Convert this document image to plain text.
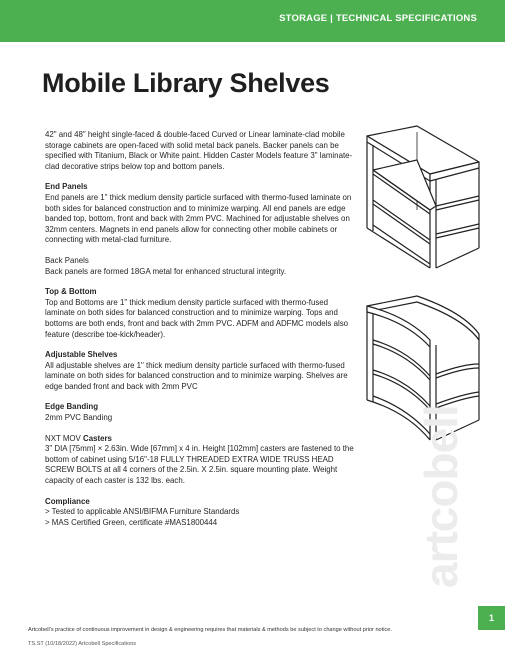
STORAGE | TECHNICAL SPECIFICATIONS
Mobile Library Shelves

42" and 48" height single-faced & double-faced Curved or Linear laminate-clad mobile storage cabinets are open-faced with solid metal back panels. Backer panels can be specified with Titanium, Black or White paint. Hidden Caster Models feature 3" laminate-clad decorative strips below top and bottom panels.

End Panels

End panels are 1" thick medium density particle surfaced with thermo-fused laminate on both sides for balanced construction and to minimize warping. All end panels are edge banded top, bottom, front and back with 2mm PVC. Machined for adjustable shelves on 32mm centers. Magnets in end panels allow for connecting other mobile cabinets or connecting with metal-clad furniture.

Back Panels

Back panels are formed 18GA metal for enhanced structural integrity.

Top & Bottom

Top and Bottoms are 1" thick medium density particle surfaced with thermo-fused laminate on both sides for balanced construction and to minimize warping. Tops and bottoms are both ends, front and back with 2mm PVC. ADFM and ADFMC models also feature (describe toe-kick/header).

Adjustable Shelves

All adjustable shelves are 1" thick medium density particle surfaced with thermo-fused laminate on both sides for balanced construction and to minimize warping. Shelves are edge banded front and back with 2mm PVC

Edge Banding

2mm PVC Banding

NXT MOV Casters

3" DIA [75mm] × 2.63in. Wide [67mm] x 4 in. Height [102mm] casters are fastened to the bottom of cabinet using 5/16"-18 FULLY THREADED EXTRA WIDE TRUSS HEAD SCREW BOLTS at all 4 corners of the 2.5in. X 2.5in. square mounting plate. Weight capacity of each caster is 132 lbs. each.

Compliance

> Tested to applicable ANSI/BIFMA Furniture Standards

> MAS Certified Green, certificate #MAS1800444	artcobell
1
Artcobell's practice of continuous improvement in design & engineering requires that materials & methods be subject to change without prior notice.
TS.ST (10/18/2022) Artcobell Specifications
